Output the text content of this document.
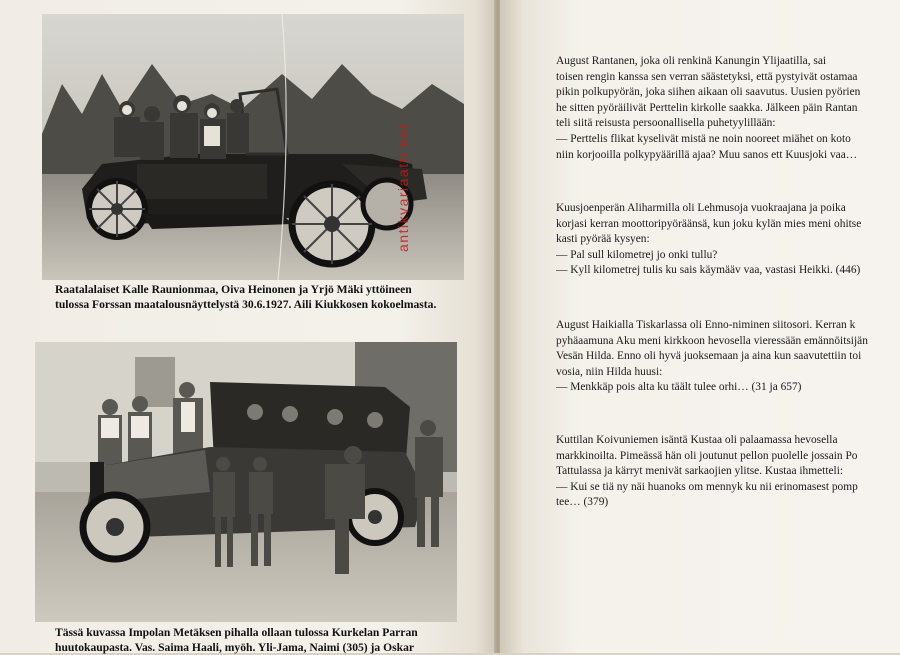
Raatalalaiset Kalle Raunionmaa, Oiva Heinonen ja Yrjö Mäki yttöineen
tulossa Forssan maatalousnäyttelystä 30.6.1927. Aili Kiukkosen kokoelmasta.
Tässä kuvassa Impolan Metäksen pihalla ollaan tulossa Kurkelan Parran
huutokaupasta. Vas. Saima Haali, myöh. Yli-Jama, Naimi (305) ja Oskar
antikvariaatti.net
August Rantanen, joka oli renkinä Kanungin Ylijaatilla, sai
toisen rengin kanssa sen verran säästetyksi, että pystyivät ostamaa
pikin polkupyörän, joka siihen aikaan oli saavutus. Uusien pyörien
he sitten pyöräilivät Perttelin kirkolle saakka. Jälkeen päin Rantan
teli siitä reisusta persoonallisella puhetyylillään:
— Perttelis flikat kyselivät mistä ne noin nooreet miähet on koto
niin korjooilla polkypyäärillä ajaa? Muu sanos ett Kuusjoki vaa…
Kuusjoenperän Aliharmilla oli Lehmusoja vuokraajana ja poika
korjasi kerran moottoripyöräänsä, kun joku kylän mies meni ohitse
kasti pyörää kysyen:
— Pal sull kilometrej jo onki tullu?
— Kyll kilometrej tulis ku sais käymääv vaa, vastasi Heikki. (446)
August Haikialla Tiskarlassa oli Enno-niminen siitosori. Kerran k
pyhäaamuna Aku meni kirkkoon hevosella vieressään emännöitsijän
Vesän Hilda. Enno oli hyvä juoksemaan ja aina kun saavutettiin toi
vosia, niin Hilda huusi:
— Menkkäp pois alta ku täält tulee orhi… (31 ja 657)
Kuttilan Koivuniemen isäntä Kustaa oli palaamassa hevosella
markkinoilta. Pimeässä hän oli joutunut pellon puolelle jossain Po
Tattulassa ja kärryt menivät sarkaojien ylitse. Kustaa ihmetteli:
— Kui se tiä ny näi huanoks om mennyk ku nii erinomasest pomp
tee… (379)
